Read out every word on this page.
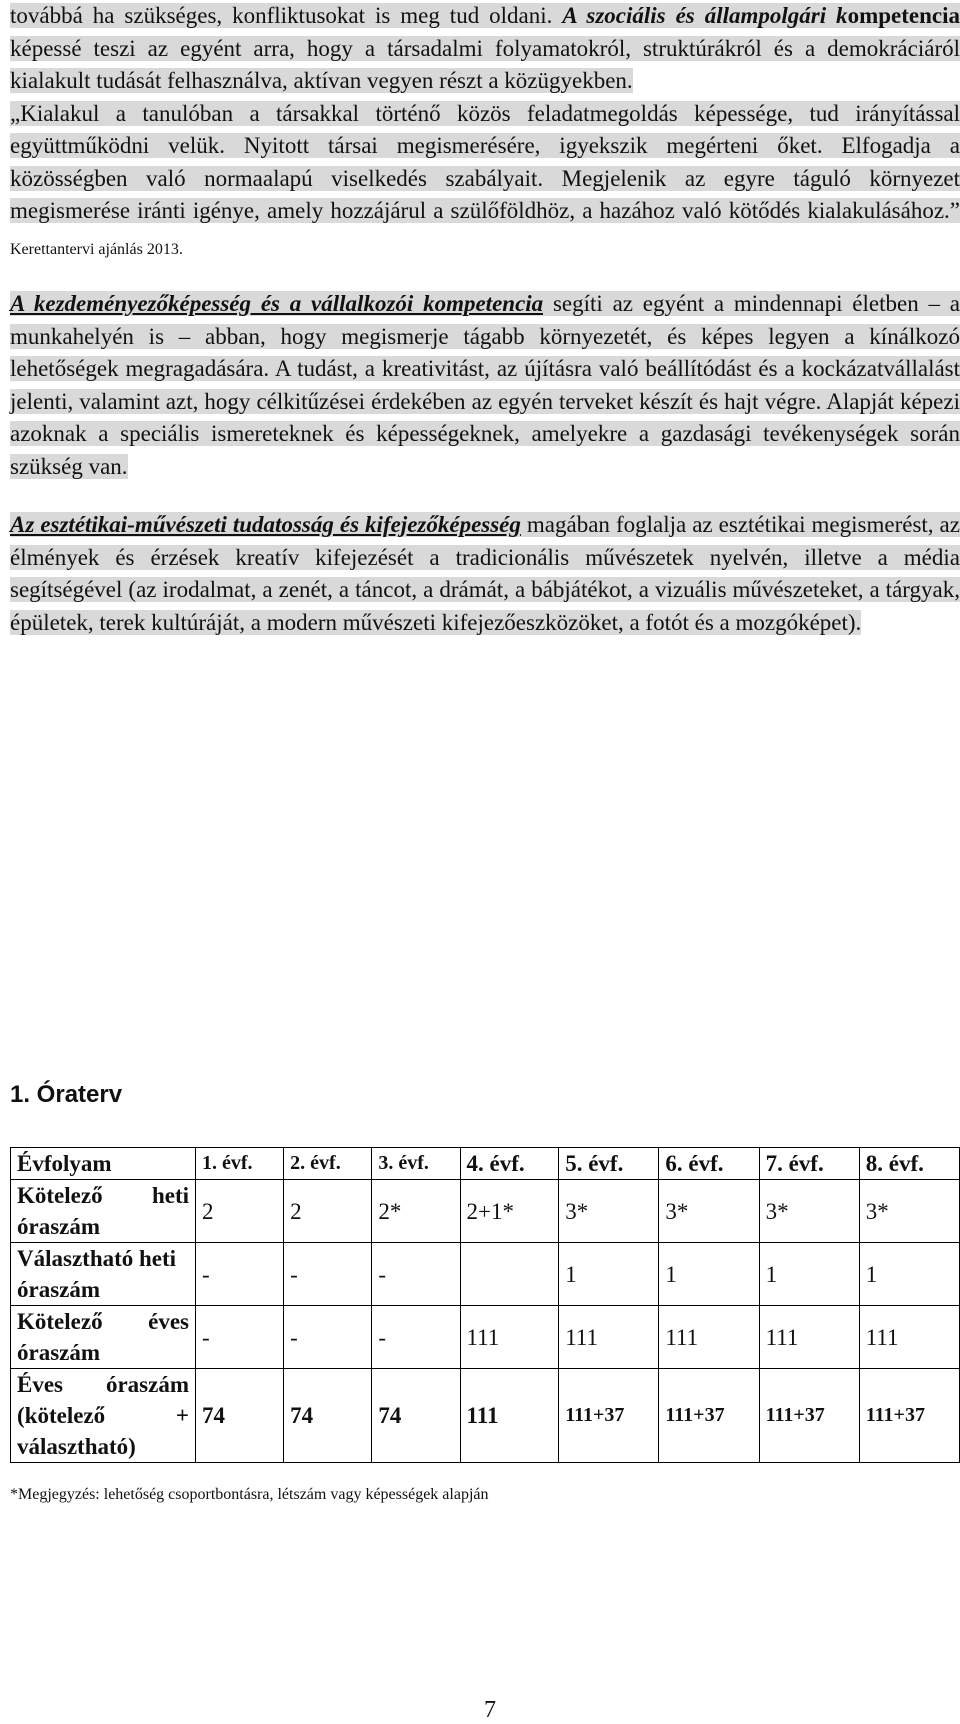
továbbá ha szükséges, konfliktusokat is meg tud oldani. A szociális és állampolgári kompetencia képessé teszi az egyént arra, hogy a társadalmi folyamatokról, struktúrákról és a demokráciáról kialakult tudását felhasználva, aktívan vegyen részt a közügyekben.
„Kialakul a tanulóban a társakkal történő közös feladatmegoldás képessége, tud irányítással együttműködni velük. Nyitott társai megismerésére, igyekszik megérteni őket. Elfogadja a közösségben való normaalapú viselkedés szabályait. Megjelenik az egyre táguló környezet megismerése iránti igénye, amely hozzájárul a szülőföldhöz, a hazához való kötődés kialakulásához.” Kerettantervi ajánlás 2013.

A kezdeményezőképesség és a vállalkozói kompetencia segíti az egyént a mindennapi életben – a munkahelyén is – abban, hogy megismerje tágabb környezetét, és képes legyen a kínálkozó lehetőségek megragadására. A tudást, a kreativitást, az újításra való beállítódást és a kockázatvállalást jelenti, valamint azt, hogy célkitűzései érdekében az egyén terveket készít és hajt végre. Alapját képezi azoknak a speciális ismereteknek és képességeknek, amelyekre a gazdasági tevékenységek során szükség van.

Az esztétikai-művészeti tudatosság és kifejezőképesség magában foglalja az esztétikai megismerést, az élmények és érzések kreatív kifejezését a tradicionális művészetek nyelvén, illetve a média segítségével (az irodalmat, a zenét, a táncot, a drámát, a bábjátékot, a vizuális művészeteket, a tárgyak, épületek, terek kultúráját, a modern művészeti kifejezőeszközöket, a fotót és a mozgóképet).

1. Óraterv
Évfolyam	1. évf.	2. évf.	3. évf.	4. évf.	5. évf.	6. évf.	7. évf.	8. évf.
Kötelező heti óraszám	2	2	2*	2+1*	3*	3*	3*	3*
Választható heti óraszám	-	-	-		1	1	1	1
Kötelező éves óraszám	-	-	-	111	111	111	111	111
Éves óraszám (kötelező + választható)	74	74	74	111	111+37	111+37	111+37	111+37
*Megjegyzés: lehetőség csoportbontásra, létszám vagy képességek alapján
7
